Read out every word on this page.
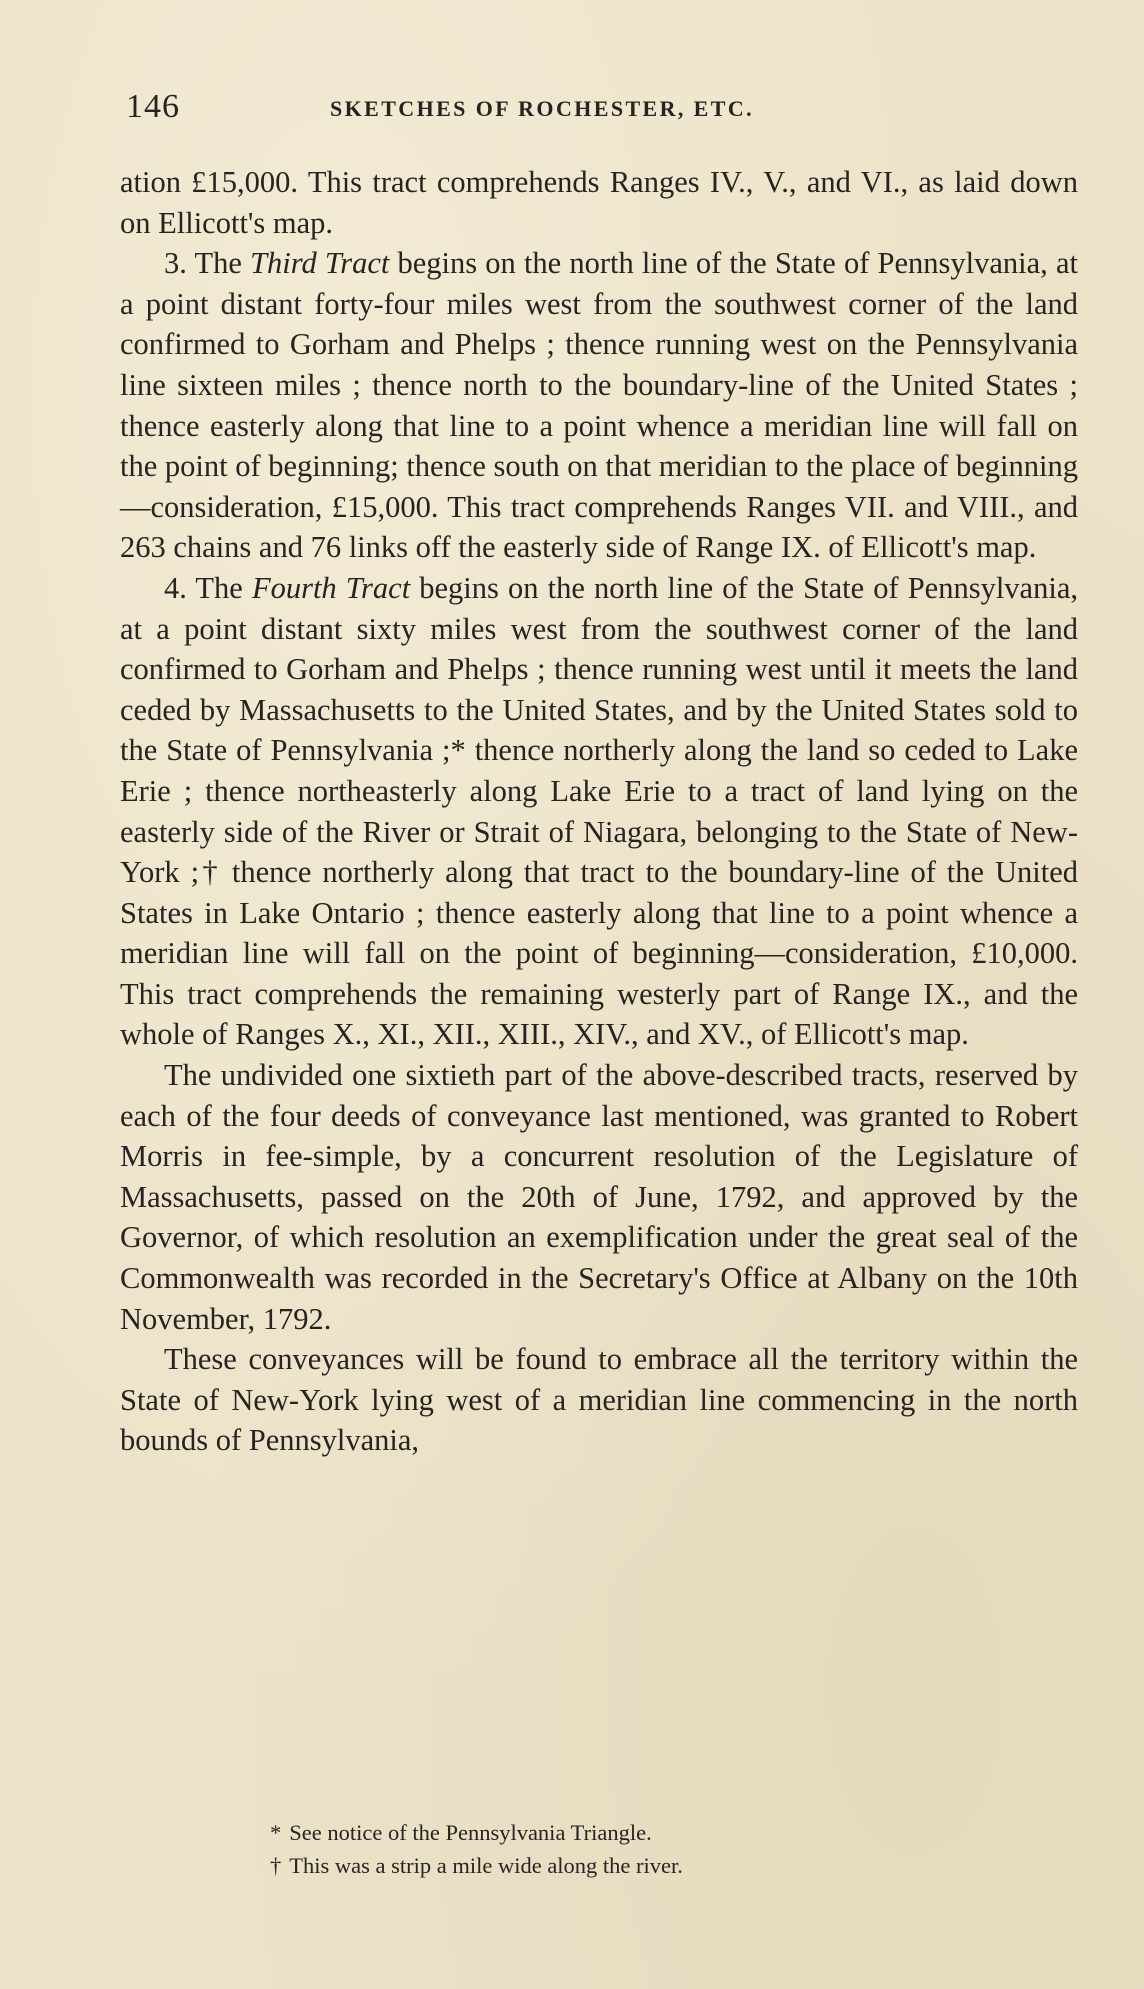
146	SKETCHES OF ROCHESTER, ETC.

ation £15,000. This tract comprehends Ranges IV., V., and VI., as laid down on Ellicott's map.

3. The Third Tract begins on the north line of the State of Pennsylvania, at a point distant forty-four miles west from the southwest corner of the land confirmed to Gorham and Phelps ; thence running west on the Pennsylvania line sixteen miles ; thence north to the boundary-line of the United States ; thence easterly along that line to a point whence a meridian line will fall on the point of beginning; thence south on that meridian to the place of beginning—consideration, £15,000. This tract comprehends Ranges VII. and VIII., and 263 chains and 76 links off the easterly side of Range IX. of Ellicott's map.

4. The Fourth Tract begins on the north line of the State of Pennsylvania, at a point distant sixty miles west from the southwest corner of the land confirmed to Gorham and Phelps ; thence running west until it meets the land ceded by Massachusetts to the United States, and by the United States sold to the State of Pennsylvania ;* thence northerly along the land so ceded to Lake Erie ; thence northeasterly along Lake Erie to a tract of land lying on the easterly side of the River or Strait of Niagara, belonging to the State of New-York ;† thence northerly along that tract to the boundary-line of the United States in Lake Ontario ; thence easterly along that line to a point whence a meridian line will fall on the point of beginning—consideration, £10,000. This tract comprehends the remaining westerly part of Range IX., and the whole of Ranges X., XI., XII., XIII., XIV., and XV., of Ellicott's map.

The undivided one sixtieth part of the above-described tracts, reserved by each of the four deeds of conveyance last mentioned, was granted to Robert Morris in fee-simple, by a concurrent resolution of the Legislature of Massachusetts, passed on the 20th of June, 1792, and approved by the Governor, of which resolution an exemplification under the great seal of the Commonwealth was recorded in the Secretary's Office at Albany on the 10th November, 1792.

These conveyances will be found to embrace all the territory within the State of New-York lying west of a meridian line commencing in the north bounds of Pennsylvania,

* See notice of the Pennsylvania Triangle.
† This was a strip a mile wide along the river.
